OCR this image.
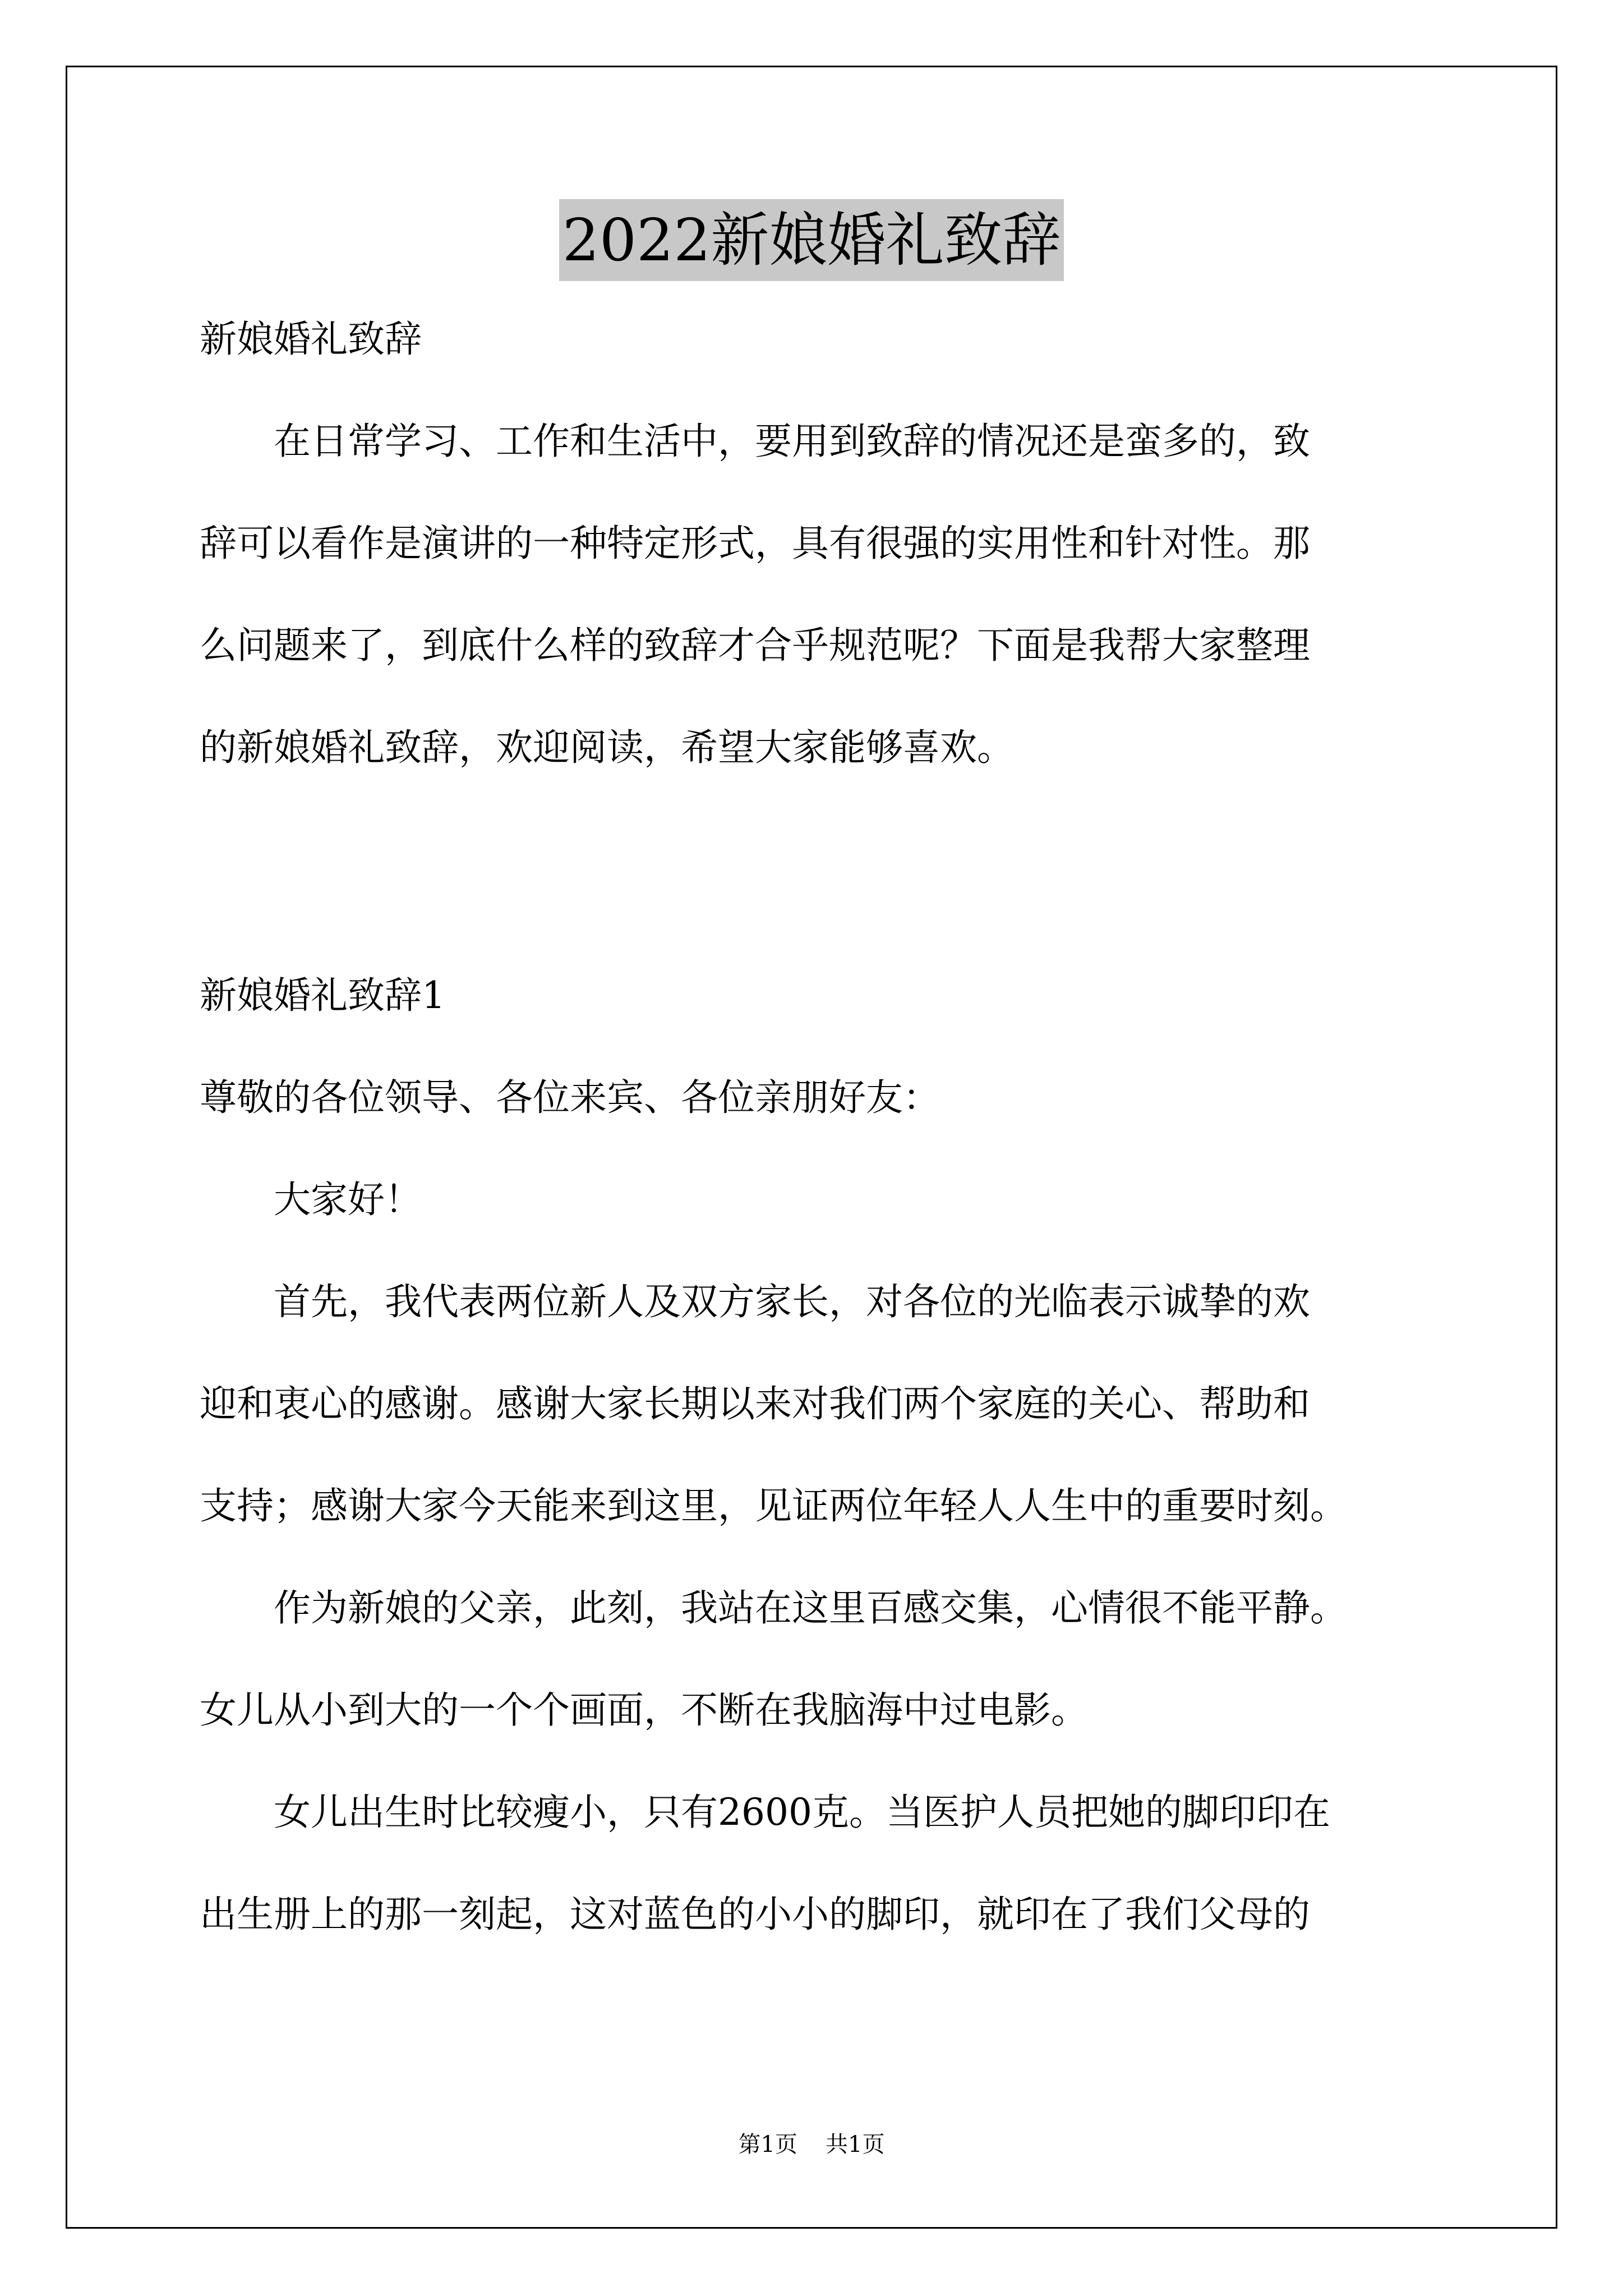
2022新娘婚礼致辞
新娘婚礼致辞
　　在日常学习、工作和生活中，要用到致辞的情况还是蛮多的，致
辞可以看作是演讲的一种特定形式，具有很强的实用性和针对性。那
么问题来了，到底什么样的致辞才合乎规范呢？下面是我帮大家整理
的新娘婚礼致辞，欢迎阅读，希望大家能够喜欢。
新娘婚礼致辞1
尊敬的各位领导、各位来宾、各位亲朋好友：
　　大家好！
　　首先，我代表两位新人及双方家长，对各位的光临表示诚挚的欢
迎和衷心的感谢。感谢大家长期以来对我们两个家庭的关心、帮助和
支持；感谢大家今天能来到这里，见证两位年轻人人生中的重要时刻。
　　作为新娘的父亲，此刻，我站在这里百感交集，心情很不能平静。
女儿从小到大的一个个画面，不断在我脑海中过电影。
　　女儿出生时比较瘦小，只有2600克。当医护人员把她的脚印印在
出生册上的那一刻起，这对蓝色的小小的脚印，就印在了我们父母的
第1页 共1页
